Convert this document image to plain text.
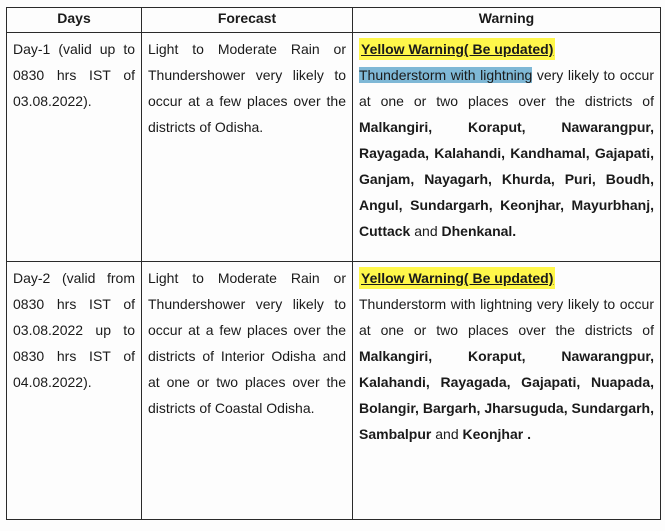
Days	Forecast	Warning
Day-1 (valid up to 0830 hrs IST of 03.08.2022).	Light to Moderate Rain or Thundershower very likely to occur at a few places over the districts of Odisha.	Yellow Warning( Be updated)
Thunderstorm with lightning very likely to occur at one or two places over the districts of Malkangiri, Koraput, Nawarangpur, Rayagada, Kalahandi, Kandhamal, Gajapati, Ganjam, Nayagarh, Khurda, Puri, Boudh, Angul, Sundargarh, Keonjhar, Mayurbhanj, Cuttack and Dhenkanal.
Day-2 (valid from 0830 hrs IST of 03.08.2022 up to 0830 hrs IST of 04.08.2022).	Light to Moderate Rain or Thundershower very likely to occur at a few places over the districts of Interior Odisha and at one or two places over the districts of Coastal Odisha.	Yellow Warning( Be updated)
Thunderstorm with lightning very likely to occur at one or two places over the districts of Malkangiri, Koraput, Nawarangpur, Kalahandi, Rayagada, Gajapati, Nuapada, Bolangir, Bargarh, Jharsuguda, Sundargarh, Sambalpur and Keonjhar .
